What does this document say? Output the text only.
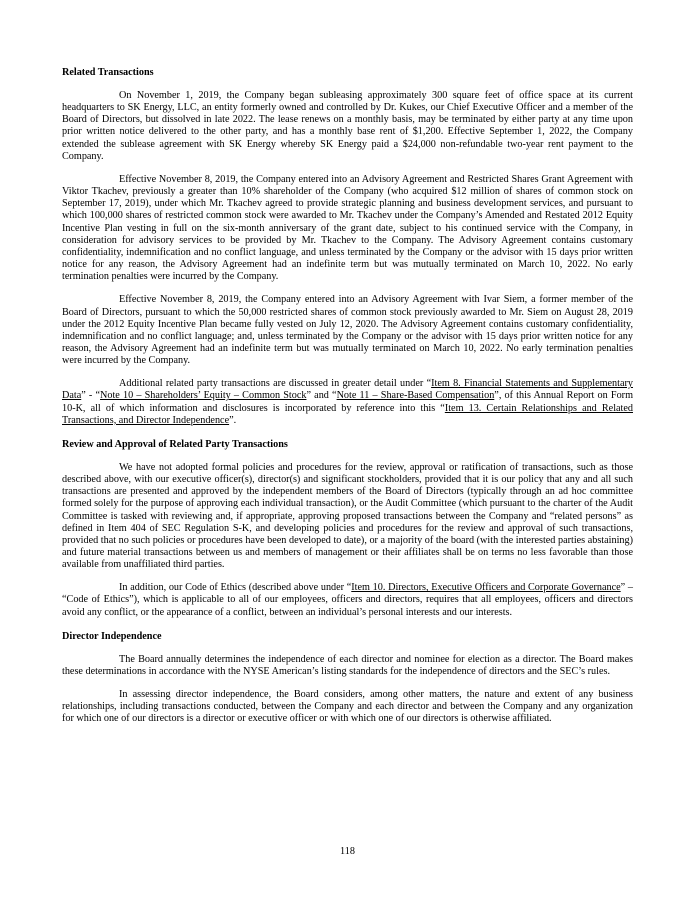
Related Transactions

On November 1, 2019, the Company began subleasing approximately 300 square feet of office space at its current headquarters to SK Energy, LLC, an entity formerly owned and controlled by Dr. Kukes, our Chief Executive Officer and a member of the Board of Directors, but dissolved in late 2022. The lease renews on a monthly basis, may be terminated by either party at any time upon prior written notice delivered to the other party, and has a monthly base rent of $1,200. Effective September 1, 2022, the Company extended the sublease agreement with SK Energy whereby SK Energy paid a $24,000 non-refundable two-year rent payment to the Company.

Effective November 8, 2019, the Company entered into an Advisory Agreement and Restricted Shares Grant Agreement with Viktor Tkachev, previously a greater than 10% shareholder of the Company (who acquired $12 million of shares of common stock on September 17, 2019), under which Mr. Tkachev agreed to provide strategic planning and business development services, and pursuant to which 100,000 shares of restricted common stock were awarded to Mr. Tkachev under the Company’s Amended and Restated 2012 Equity Incentive Plan vesting in full on the six-month anniversary of the grant date, subject to his continued service with the Company, in consideration for advisory services to be provided by Mr. Tkachev to the Company. The Advisory Agreement contains customary confidentiality, indemnification and no conflict language, and unless terminated by the Company or the advisor with 15 days prior written notice for any reason, the Advisory Agreement had an indefinite term but was mutually terminated on March 10, 2022. No early termination penalties were incurred by the Company.

Effective November 8, 2019, the Company entered into an Advisory Agreement with Ivar Siem, a former member of the Board of Directors, pursuant to which the 50,000 restricted shares of common stock previously awarded to Mr. Siem on August 28, 2019 under the 2012 Equity Incentive Plan became fully vested on July 12, 2020. The Advisory Agreement contains customary confidentiality, indemnification and no conflict language; and, unless terminated by the Company or the advisor with 15 days prior written notice for any reason, the Advisory Agreement had an indefinite term but was mutually terminated on March 10, 2022. No early termination penalties were incurred by the Company.

Additional related party transactions are discussed in greater detail under “Item 8. Financial Statements and Supplementary Data” - “Note 10 – Shareholders’ Equity – Common Stock” and “Note 11 – Share-Based Compensation”, of this Annual Report on Form 10-K, all of which information and disclosures is incorporated by reference into this “Item 13. Certain Relationships and Related Transactions, and Director Independence”.

Review and Approval of Related Party Transactions

We have not adopted formal policies and procedures for the review, approval or ratification of transactions, such as those described above, with our executive officer(s), director(s) and significant stockholders, provided that it is our policy that any and all such transactions are presented and approved by the independent members of the Board of Directors (typically through an ad hoc committee formed solely for the purpose of approving each individual transaction), or the Audit Committee (which pursuant to the charter of the Audit Committee is tasked with reviewing and, if appropriate, approving proposed transactions between the Company and “related persons” as defined in Item 404 of SEC Regulation S-K, and developing policies and procedures for the review and approval of such transactions, provided that no such policies or procedures have been developed to date), or a majority of the board (with the interested parties abstaining) and future material transactions between us and members of management or their affiliates shall be on terms no less favorable than those available from unaffiliated third parties.

In addition, our Code of Ethics (described above under “Item 10. Directors, Executive Officers and Corporate Governance” – “Code of Ethics”), which is applicable to all of our employees, officers and directors, requires that all employees, officers and directors avoid any conflict, or the appearance of a conflict, between an individual’s personal interests and our interests.

Director Independence

The Board annually determines the independence of each director and nominee for election as a director. The Board makes these determinations in accordance with the NYSE American’s listing standards for the independence of directors and the SEC’s rules.

In assessing director independence, the Board considers, among other matters, the nature and extent of any business relationships, including transactions conducted, between the Company and each director and between the Company and any organization for which one of our directors is a director or executive officer or with which one of our directors is otherwise affiliated.

118
